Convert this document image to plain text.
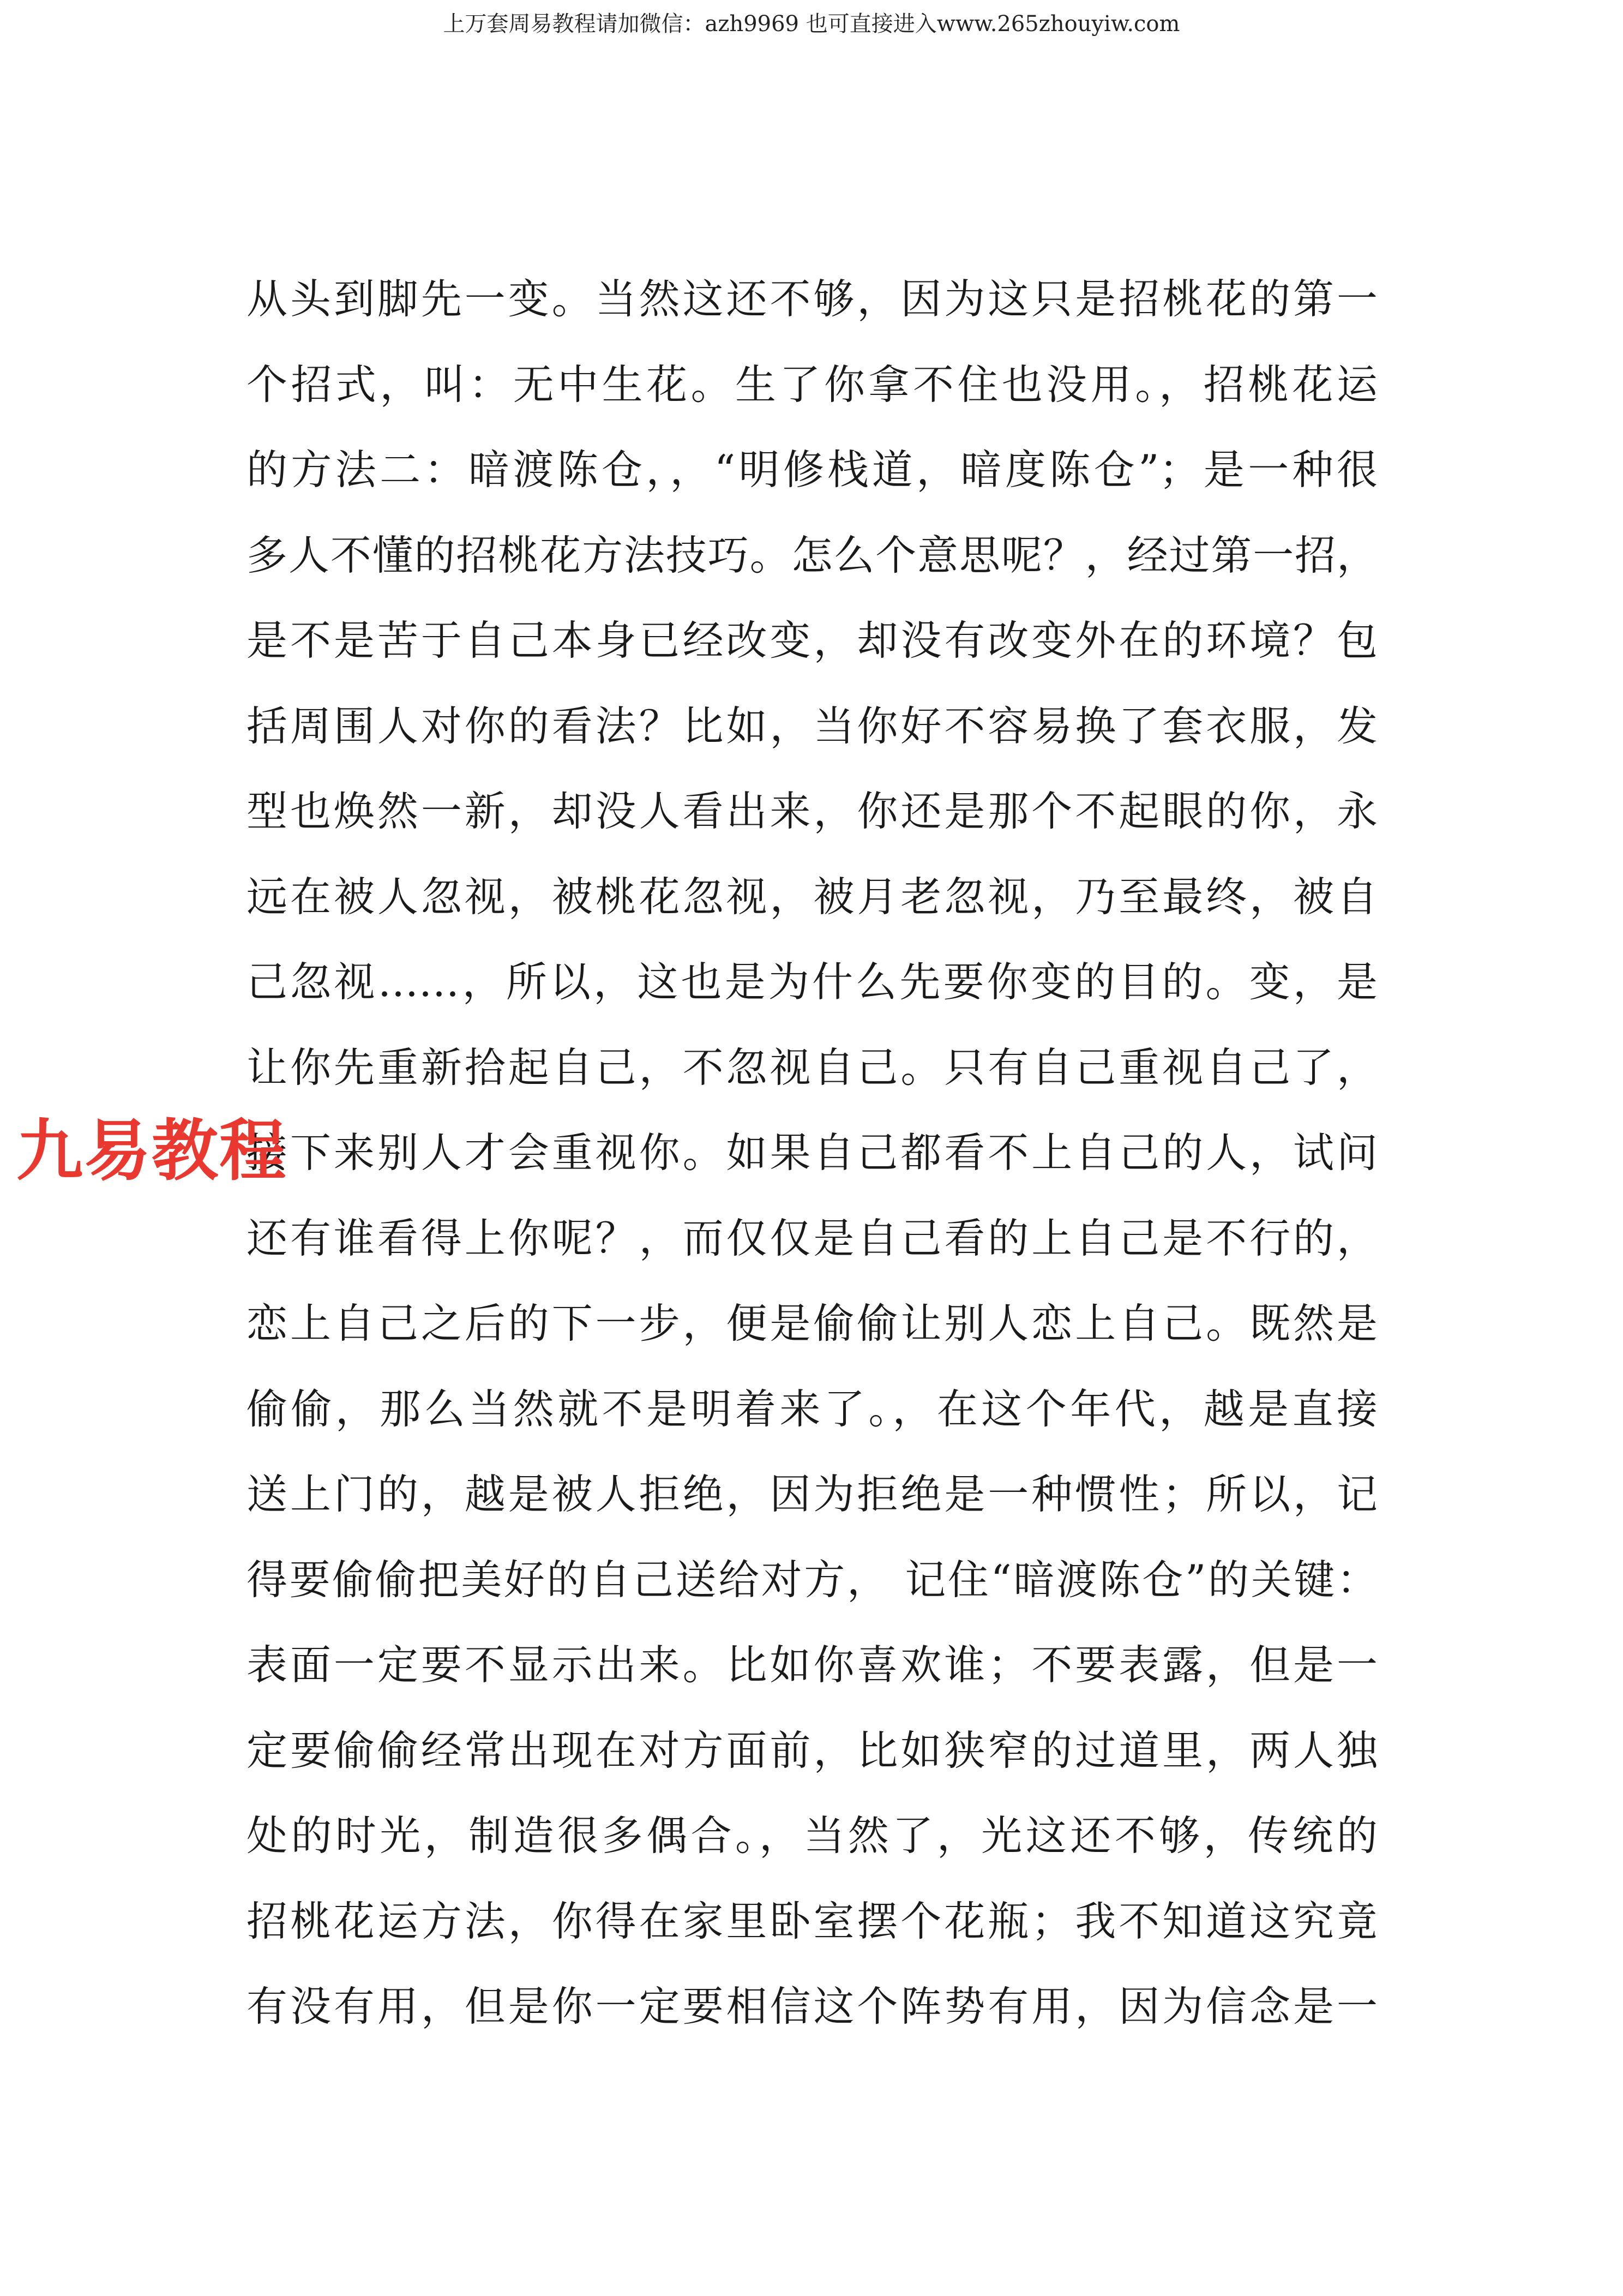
上万套周易教程请加微信：azh9969 也可直接进入www.265zhouyiw.com
从头到脚先一变。当然这还不够，因为这只是招桃花的第一
个招式，叫：无中生花。生了你拿不住也没用。，招桃花运
的方法二：暗渡陈仓，，“明修栈道，暗度陈仓”；是一种很
多人不懂的招桃花方法技巧。怎么个意思呢？，经过第一招，
是不是苦于自己本身已经改变，却没有改变外在的环境？包
括周围人对你的看法？比如，当你好不容易换了套衣服，发
型也焕然一新，却没人看出来，你还是那个不起眼的你，永
远在被人忽视，被桃花忽视，被月老忽视，乃至最终，被自
己忽视……，所以，这也是为什么先要你变的目的。变，是
让你先重新拾起自己，不忽视自己。只有自己重视自己了，
接下来别人才会重视你。如果自己都看不上自己的人，试问
还有谁看得上你呢？，而仅仅是自己看的上自己是不行的，
恋上自己之后的下一步，便是偷偷让别人恋上自己。既然是
偷偷，那么当然就不是明着来了。，在这个年代，越是直接
送上门的，越是被人拒绝，因为拒绝是一种惯性；所以，记
得要偷偷把美好的自己送给对方， 记住“暗渡陈仓”的关键：
表面一定要不显示出来。比如你喜欢谁；不要表露，但是一
定要偷偷经常出现在对方面前，比如狭窄的过道里，两人独
处的时光，制造很多偶合。，当然了，光这还不够，传统的
招桃花运方法，你得在家里卧室摆个花瓶；我不知道这究竟
有没有用，但是你一定要相信这个阵势有用，因为信念是一
九易教程
